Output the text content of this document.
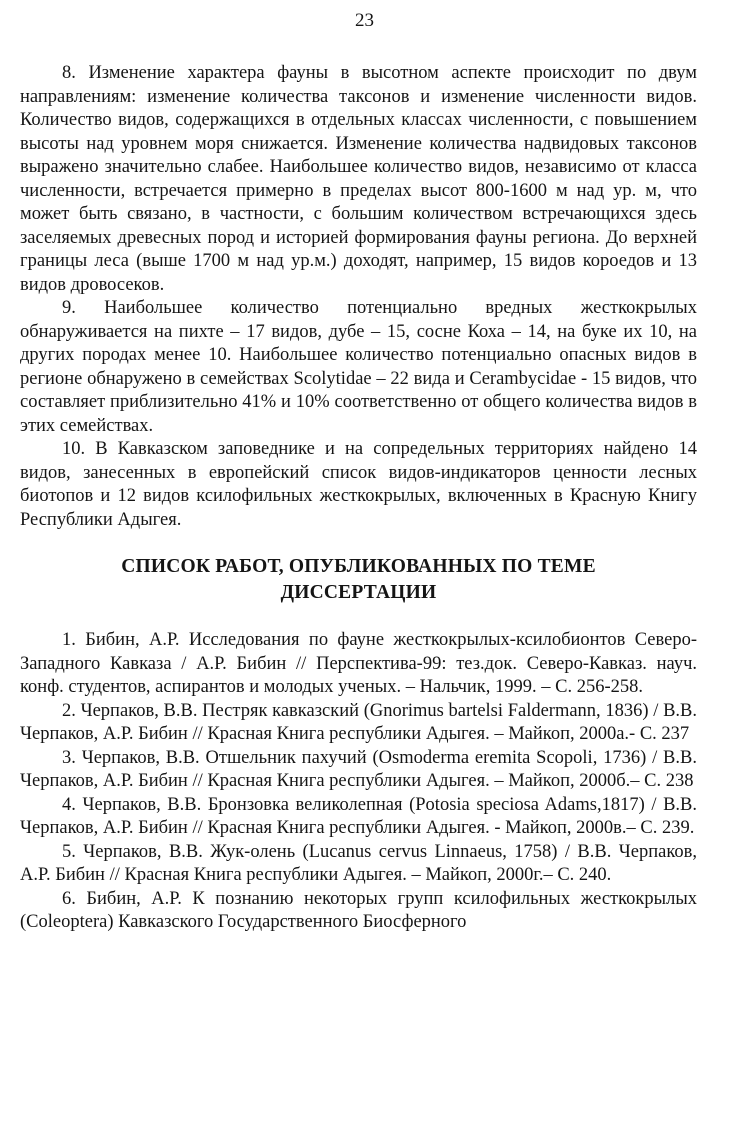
23

8. Изменение характера фауны в высотном аспекте происходит по двум направлениям: изменение количества таксонов и изменение численности видов. Количество видов, содержащихся в отдельных классах численности, с повышением высоты над уровнем моря снижается. Изменение количества надвидовых таксонов выражено значительно слабее. Наибольшее количество видов, независимо от класса численности, встречается примерно в пределах высот 800-1600 м над ур. м, что может быть связано, в частности, с большим количеством встречающихся здесь заселяемых древесных пород и историей формирования фауны региона. До верхней границы леса (выше 1700 м над ур.м.) доходят, например, 15 видов короедов и 13 видов дровосеков.

9. Наибольшее количество потенциально вредных жесткокрылых обнаруживается на пихте – 17 видов, дубе – 15, сосне Коха – 14, на буке их 10, на других породах менее 10. Наибольшее количество потенциально опасных видов в регионе обнаружено в семействах Scolytidae – 22 вида и Cerambycidae - 15 видов, что составляет приблизительно 41% и 10% соответственно от общего количества видов в этих семействах.

10. В Кавказском заповеднике и на сопредельных территориях найдено 14 видов, занесенных в европейский список видов-индикаторов ценности лесных биотопов и 12 видов ксилофильных жесткокрылых, включенных в Красную Книгу Республики Адыгея.

СПИСОК РАБОТ, ОПУБЛИКОВАННЫХ ПО ТЕМЕ
ДИССЕРТАЦИИ

1. Бибин, А.Р. Исследования по фауне жесткокрылых-ксилобионтов Северо-Западного Кавказа / А.Р. Бибин // Перспектива-99: тез.док. Северо-Кавказ. науч. конф. студентов, аспирантов и молодых ученых. – Нальчик, 1999. – С. 256-258.

2. Черпаков, В.В. Пестряк кавказский (Gnorimus bartelsi Faldermann, 1836) / В.В. Черпаков, А.Р. Бибин // Красная Книга республики Адыгея. – Майкоп, 2000а.- С. 237

3. Черпаков, В.В. Отшельник пахучий (Osmoderma eremita Scopoli, 1736) / В.В. Черпаков, А.Р. Бибин // Красная Книга республики Адыгея. – Майкоп, 2000б.– С. 238

4. Черпаков, В.В. Бронзовка великолепная (Potosia speciosa Adams,1817) / В.В. Черпаков, А.Р. Бибин // Красная Книга республики Адыгея. - Майкоп, 2000в.– С. 239.

5. Черпаков, В.В. Жук-олень (Lucanus cervus Linnaeus, 1758) / В.В. Черпаков, А.Р. Бибин // Красная Книга республики Адыгея. – Майкоп, 2000г.– С. 240.

6. Бибин, А.Р. К познанию некоторых групп ксилофильных жесткокрылых (Coleoptera) Кавказского Государственного Биосферного
